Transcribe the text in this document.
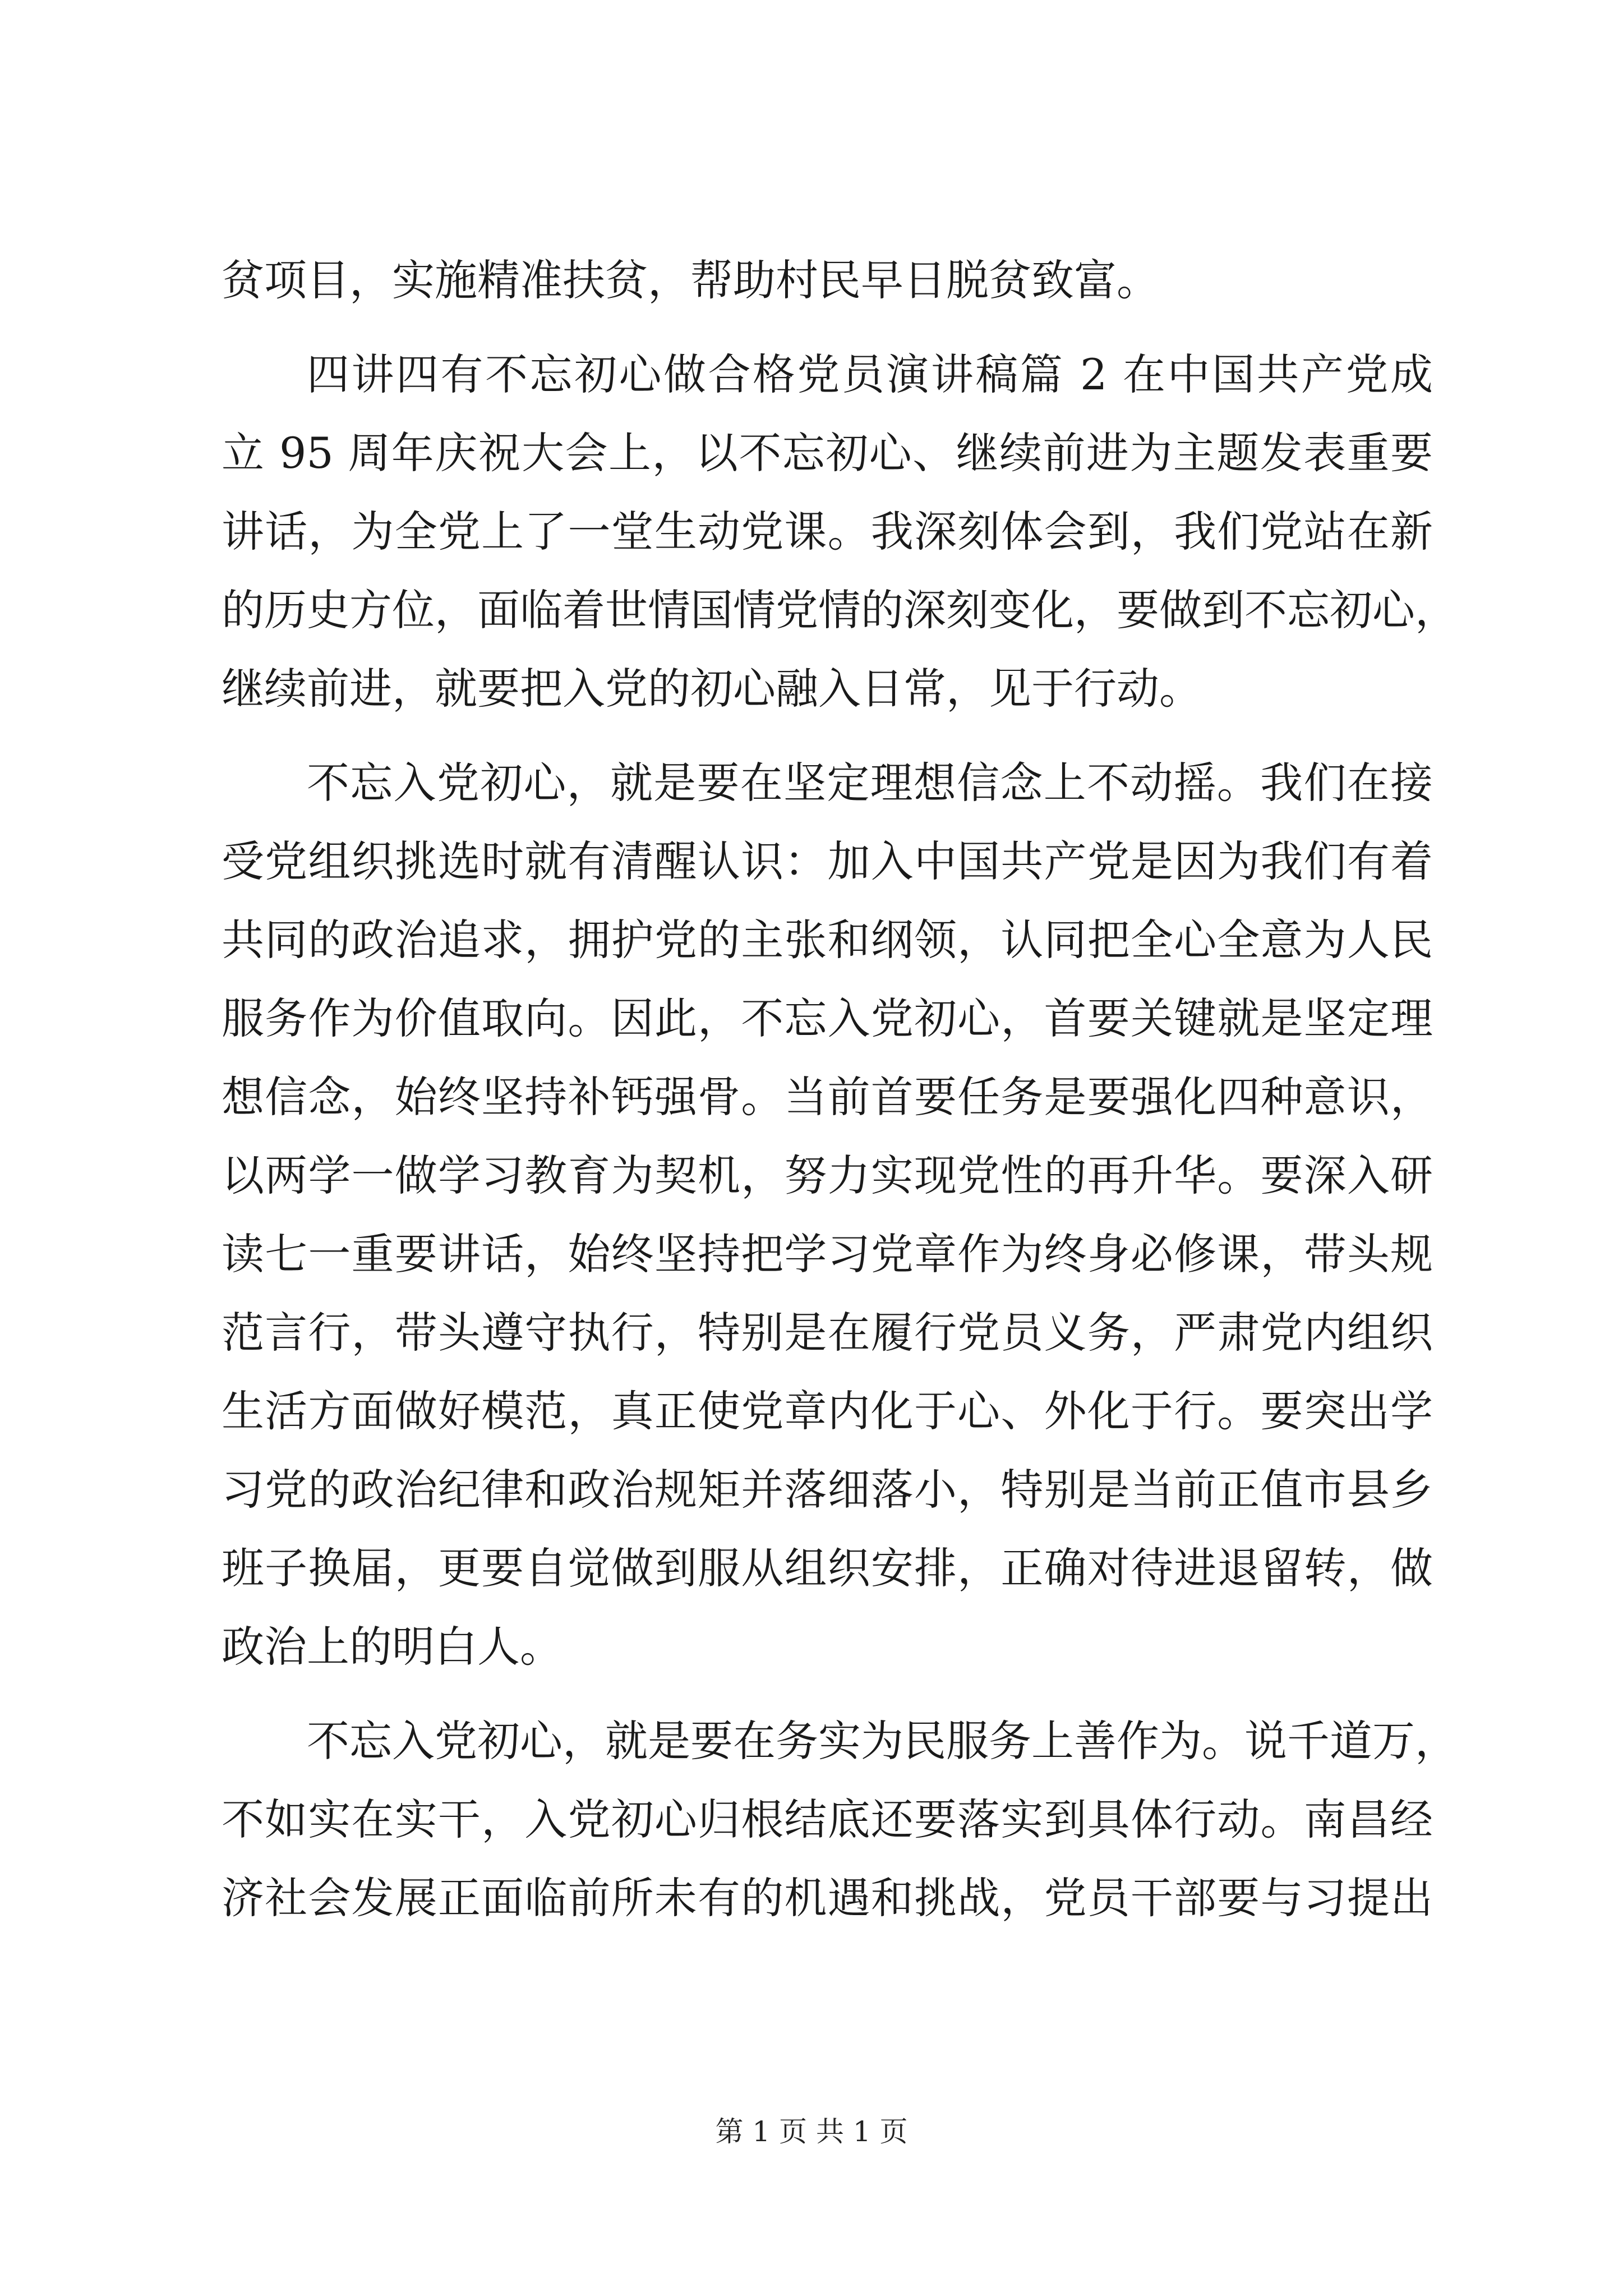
贫项目，实施精准扶贫，帮助村民早日脱贫致富。
四讲四有不忘初心做合格党员演讲稿篇 2 在中国共产党成
立 95 周年庆祝大会上，以不忘初心、继续前进为主题发表重要
讲话，为全党上了一堂生动党课。我深刻体会到，我们党站在新
的历史方位，面临着世情国情党情的深刻变化，要做到不忘初心，
继续前进，就要把入党的初心融入日常，见于行动。
不忘入党初心，就是要在坚定理想信念上不动摇。我们在接
受党组织挑选时就有清醒认识：加入中国共产党是因为我们有着
共同的政治追求，拥护党的主张和纲领，认同把全心全意为人民
服务作为价值取向。因此，不忘入党初心，首要关键就是坚定理
想信念，始终坚持补钙强骨。当前首要任务是要强化四种意识，
以两学一做学习教育为契机，努力实现党性的再升华。要深入研
读七一重要讲话，始终坚持把学习党章作为终身必修课，带头规
范言行，带头遵守执行，特别是在履行党员义务，严肃党内组织
生活方面做好模范，真正使党章内化于心、外化于行。要突出学
习党的政治纪律和政治规矩并落细落小，特别是当前正值市县乡
班子换届，更要自觉做到服从组织安排，正确对待进退留转，做
政治上的明白人。
不忘入党初心，就是要在务实为民服务上善作为。说千道万，
不如实在实干，入党初心归根结底还要落实到具体行动。南昌经
济社会发展正面临前所未有的机遇和挑战，党员干部要与习提出
第 1 页 共 1 页
